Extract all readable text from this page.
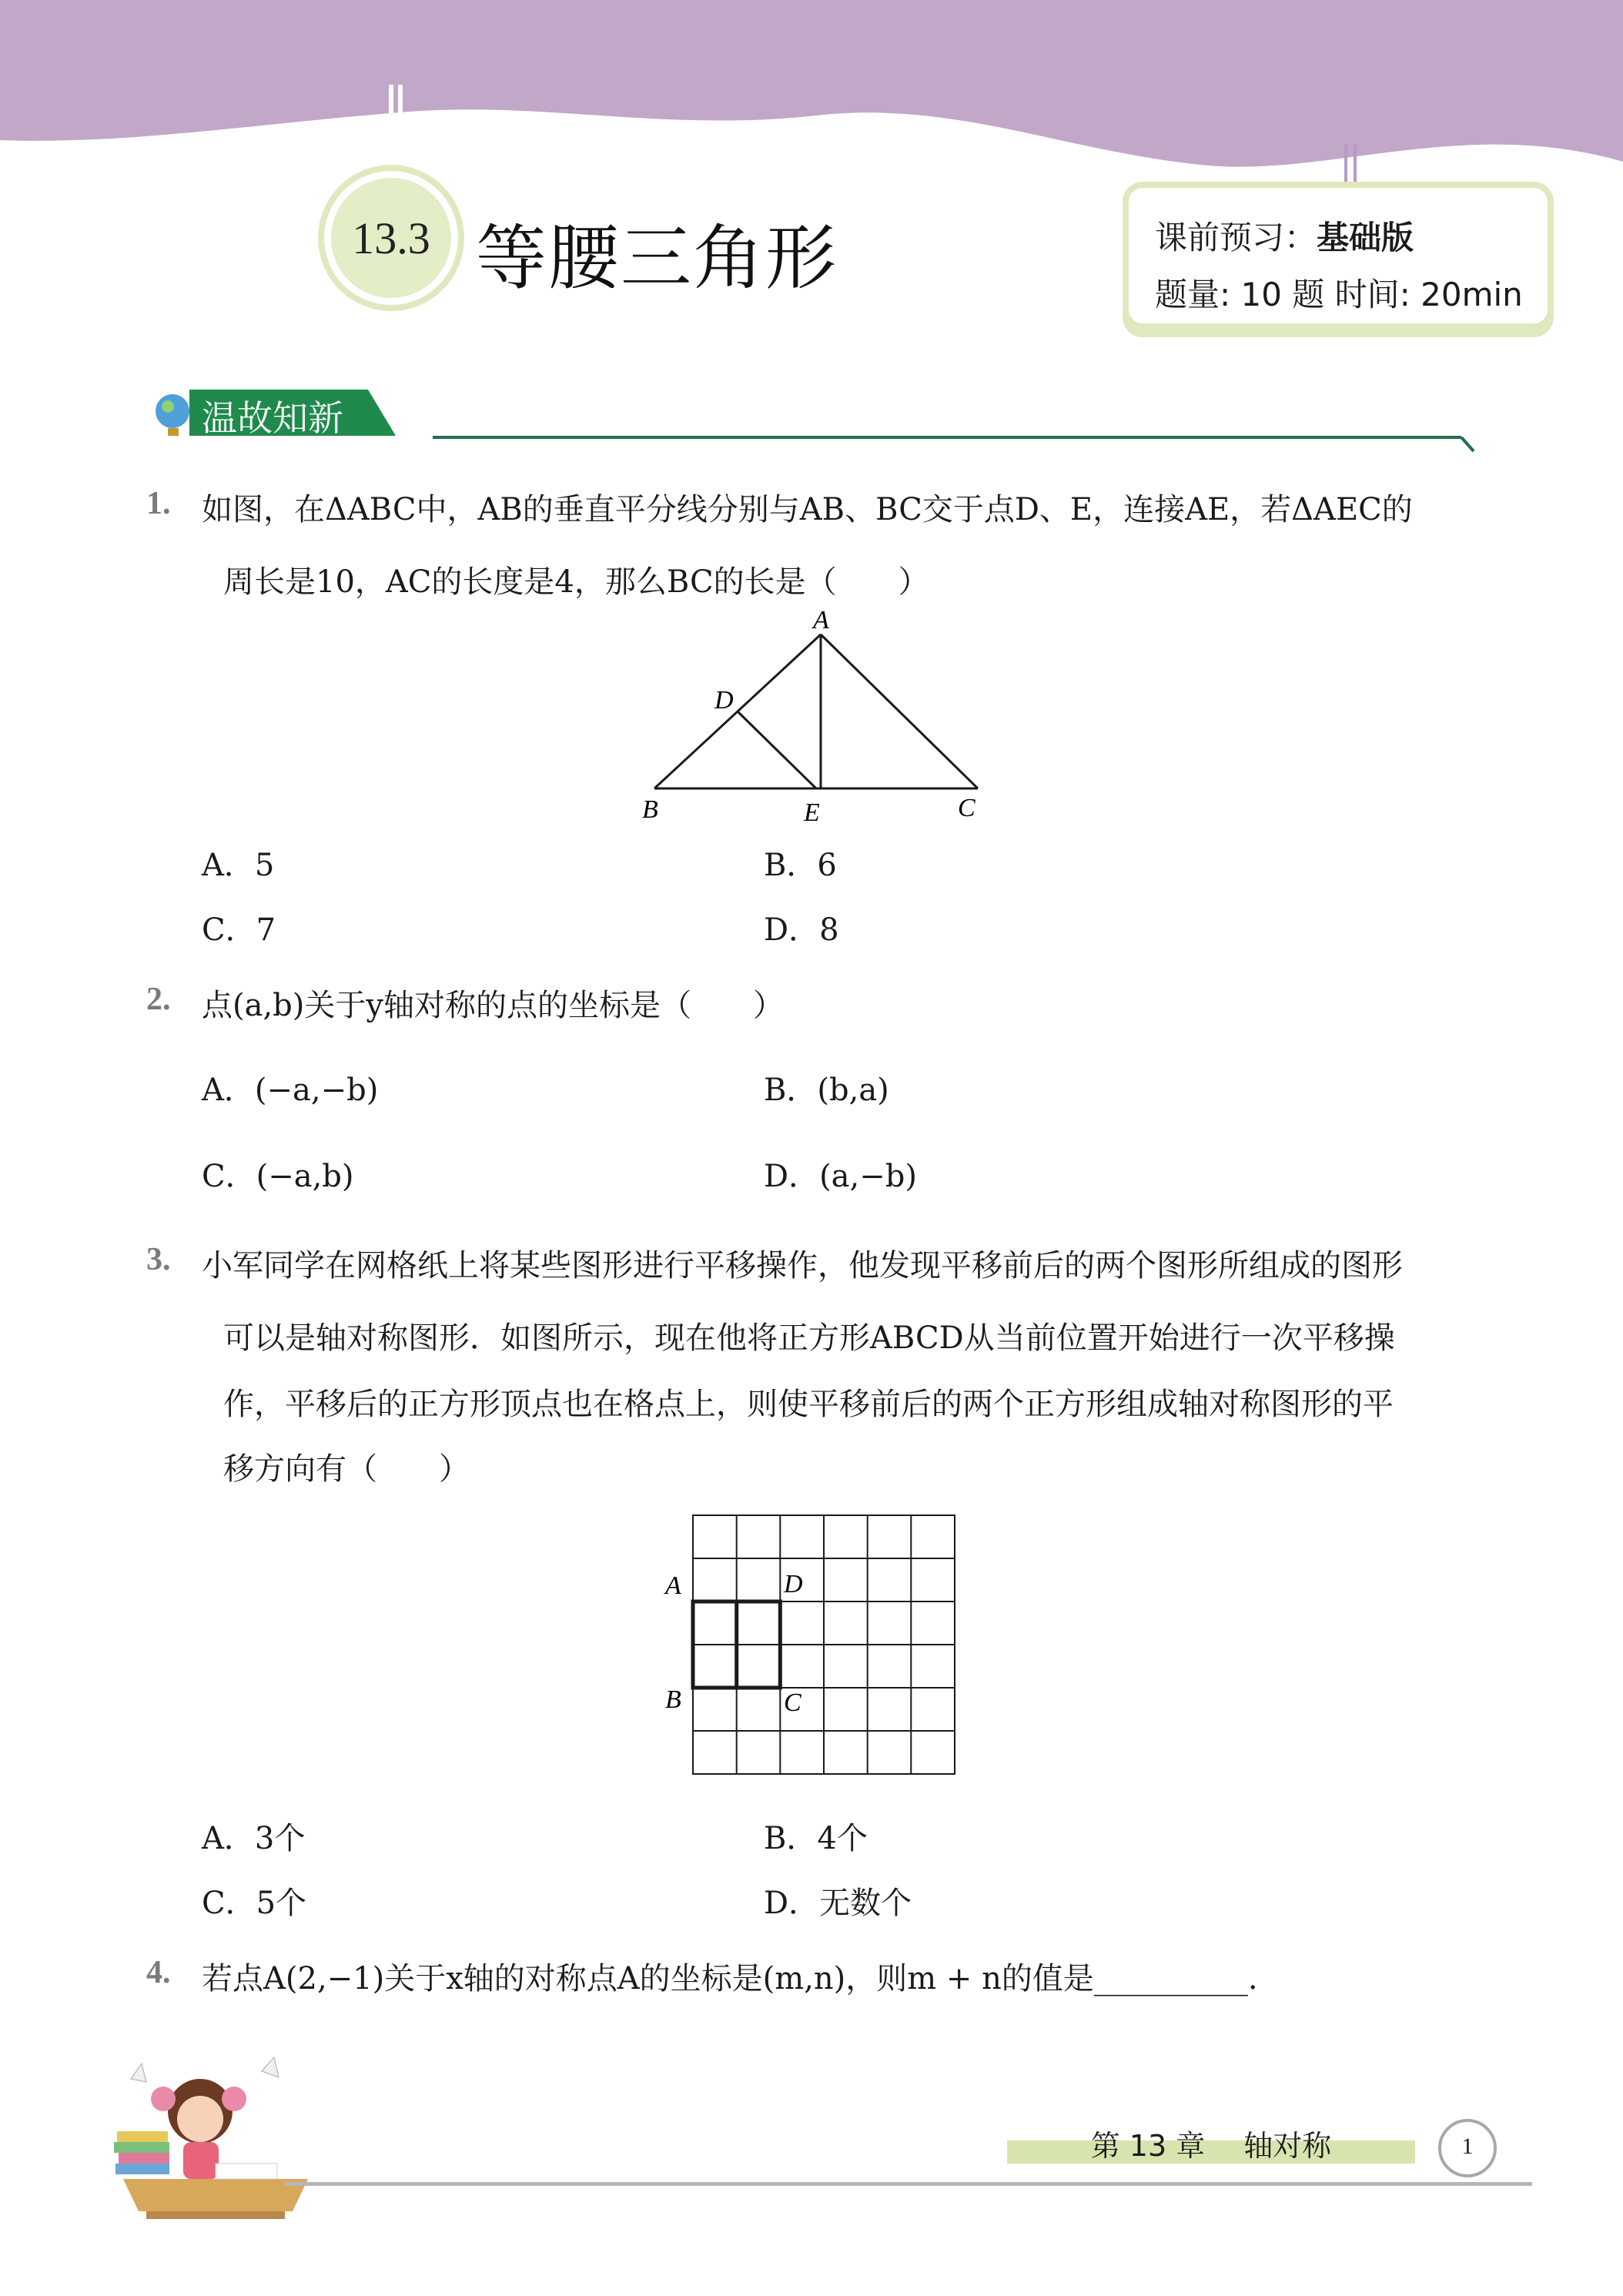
13.3 等腰三角形	课前预习：基础版
题量: 10 题 时间: 20min
温故知新
1. 如图，在ΔABC中，AB的垂直平分线分别与AB、BC交于点D、E，连接AE，若ΔAEC的
周长是10，AC的长度是4，那么BC的长是（　　）
A
D
B	E	C
A．5	B．6
C．7	D．8
2. 点(a,b)关于y轴对称的点的坐标是（　　）
A．(−a,−b)	B．(b,a)
C．(−a,b)	D．(a,−b)
3. 小军同学在网格纸上将某些图形进行平移操作，他发现平移前后的两个图形所组成的图形
可以是轴对称图形．如图所示，现在他将正方形ABCD从当前位置开始进行一次平移操
作，平移后的正方形顶点也在格点上，则使平移前后的两个正方形组成轴对称图形的平
移方向有（　　）
A	D
B	C
A．3个	B．4个
C．5个	D．无数个
4. 若点A(2,−1)关于x轴的对称点A的坐标是(m,n)，则m + n的值是__________.
第 13 章　 轴对称	1
